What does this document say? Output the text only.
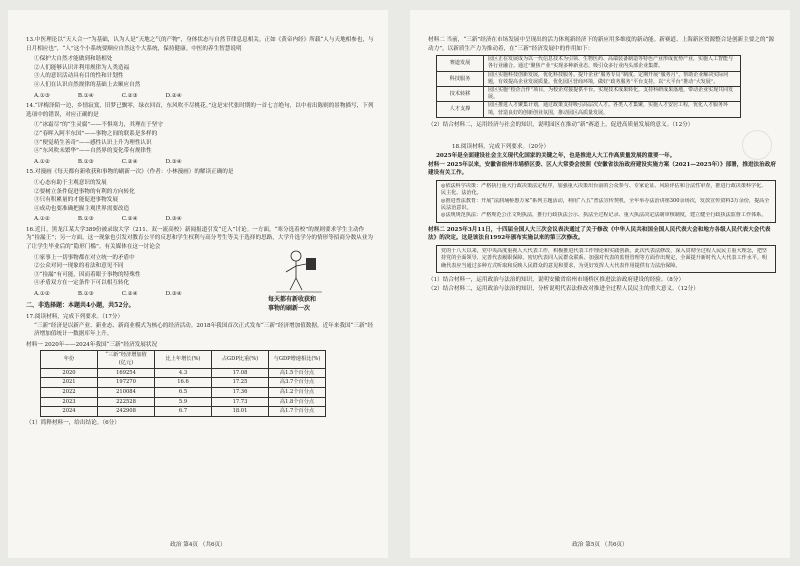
13.中医理论以“天人合一”为基础，认为人是“天地之气的产物”，身体状态与自然节律息息相关。正如《黄帝内经》所载“人与天地相参也，与日月相应也”，“人”这个小系统要顺应自然这个大系统，保持健康。中医的养生智慧说明
①保护大自然才能做到和谐相处
②人们能够认识并利用规律为人类造福
③人的意识活动具有目的性和计划性
④人们在认识自然规律的基础上去顺应自然
A.①③	B.①④	C.②③	D.②④
14.“评梅泽陌一边，乡情寂寞，旧梦已飘零，绿衣回首，东风吹不尽桃花。”这是宋代张时期的一首七言绝句，以中看出陈则的景物描写，下列选项中的错误，对应正确的是
①“冰霜尽”的“生灵腐”——不惧寒力，其理在于坚守
②“春晖入阿半东国”——事物之间的联系是多样的
③“便觉萌生善奇”——感性认识上升为理性认识
④“东风吹未繁华”——自然界的变化带有规律性
A.①②	B.①③	C.②④	D.③④
15.对漫画《每天都有新收获和事物的刷新一次》（作者：小林漫画）的解读正确的是
①心态有助于主观意识的发展
②要树立条件促进事物的有利的方向转化
③只有积累量的才能促进事物发展
④成功也要准确把握主观世界需要改造
A.①②	B.①③	C.②④	D.③④
16.近日，黑龙江某大学389份被录取大学（211、双一流高校）新闻报道引发“迁入”讨论。一方面，“寒分选着校”的规则要求学生主动作为“捡漏王”；另一方面，这一现象也引发对教育公平的反思和学生权利与高分考生等关于选择的思路，大学升选学分的情形等招商分数从业为了让学生毕业后的“隐形门槛”。有关媒体在这一讨论会
①家事上一切事物都在对立统一的矛盾中
②公众对同一现象的看法和意见不同
③“捡漏”有可能，因而着眼于事物的特殊性
④矛盾双方在一定条件下可以相互转化
A.①②	B.①③	C.②④	D.③④
二、非选择题：本题共4小题，共52分。
17.阅读材料，完成下列要求。（17分）
“三新”经济是以新产业、新业态、新商业模式为核心的经济活动。2018年我国首次正式发布“三新”经济增加值数据。近年来我国“三新”经济增加值统计一数据库年上升。
材料一 2020年——2024年我国“三新”经济发展状况
年份	“三新”经济增加值(亿元)	比上年增长(%)	占GDP比重(%)	与GDP增速相比(%)
2020	169254	4.3	17.08	高1.5个百分点
2021	197270	16.6	17.25	高3.7个百分点
2022	210084	6.5	17.36	高1.2个百分点
2023	222528	5.9	17.73	高1.8个百分点
2024	242908	6.7	18.01	高1.7个百分点
（1）简释材料一，给出结论。（6分）
每天都有新收获和
事物的刷新一次
政治 第4页 （共6页）
材料二 当前，“三新”经济在市场发展中呈现出的活力体现新经济下的新应用多维度的新动能。新赛道、上海新区资源整合是创新主要之的“源动力”。以新质生产力为推动着，在“三新”经济发展中的作用如下：
赛道发展	园区正在发展成为以一代信息技术为引领、生物医药、高端装备制造等特色产业形成优势产业，实施人工智能与各行业融合。通过“聚焦产业”实现多种新业态，吸引众多行业内头部企业集群。
科技服务	园区实施科技创新发展，优化科技服务。提升企业“服务专员”制度。定期开展“服务月”，帮助企业解决实际问题，有效提高企业发展质量。优化园区营商环境，做好“政务服务”平台支持，以“大平台”推动“大发展”。
技术转移	园区实施“校企合作”项目，为校企对接提供平台。实现技术成果转化，支持科研成果落地，带动企业实现共同发展。
人才支撑	园区推进人才聚集计划，通过政策支持吸引高层次人才。各类人才集聚，实施人才安居工程，优化人才服务环境，营造良好的创新创业氛围，推动园区高质量发展。
（2）结合材料二，运用经济与社会的知识，说明园区在推动“新”赛道上，促进高质量发展的意义。（12分）
18.阅读材料，完成下列要求。（20分）
2025年是全面建设社会主义现代化国家的关键之年，也是推进人大工作高质量发展的重要一年。
材料一 2025年以来，安徽省宿州市埇桥区委、区人大常委会按照《安徽省法治政府建设实施方案（2021—2025年）》部署，推进法治政府建设有关工作。
◎依法科学决策：严格执行重大行政决策法定程序，加强重大决策出台前的公众参与、专家论证、风险评估和合法性审查，推进行政决策科学化、民主化、法治化。
◎推进普法教育：开展“法润埇桥惠万家”系列主题活动，利用“八五”普法宣传契机，全年举办法治讲座300余场次，发放宣传资料3万余份，提高全民法治意识。
◎法规规范执法：严格规范公正文明执法，推行行政执法公示、执法全过程记录、重大执法决定法制审核制度，建立健全行政执法监督工作体系。
材料二 2025年3月11日，十四届全国人大三次会议表决通过了关于修改《中华人民共和国全国人民代表大会和地方各级人民代表大会代表法》的决定。这是该法自1992年颁布实施以来的第三次修改。
党的十八大以来，党中央高度重视人大代表工作，积极推进代表工作理论和实践创新。此次代表法修改，深入贯彻全过程人民民主重大理念，把坚持党的全面领导、完善代表履职保障、密切代表同人民群众联系、加强对代表的监督管理等方面作出规定，全面提升新时代人大代表工作水平。明确代表应当通过多种方式听取和反映人民群众的意见和要求，为更好发挥人大代表作用提供有力法治保障。
（1）结合材料一，运用政治与法治的知识，说明安徽省宿州市埇桥区推进法治政府建设的经验。（8分）
（2）结合材料二，运用政治与法治的知识，分析说明代表法修改对推进全过程人民民主的重大意义。（12分）
政治 第5页 （共6页）
